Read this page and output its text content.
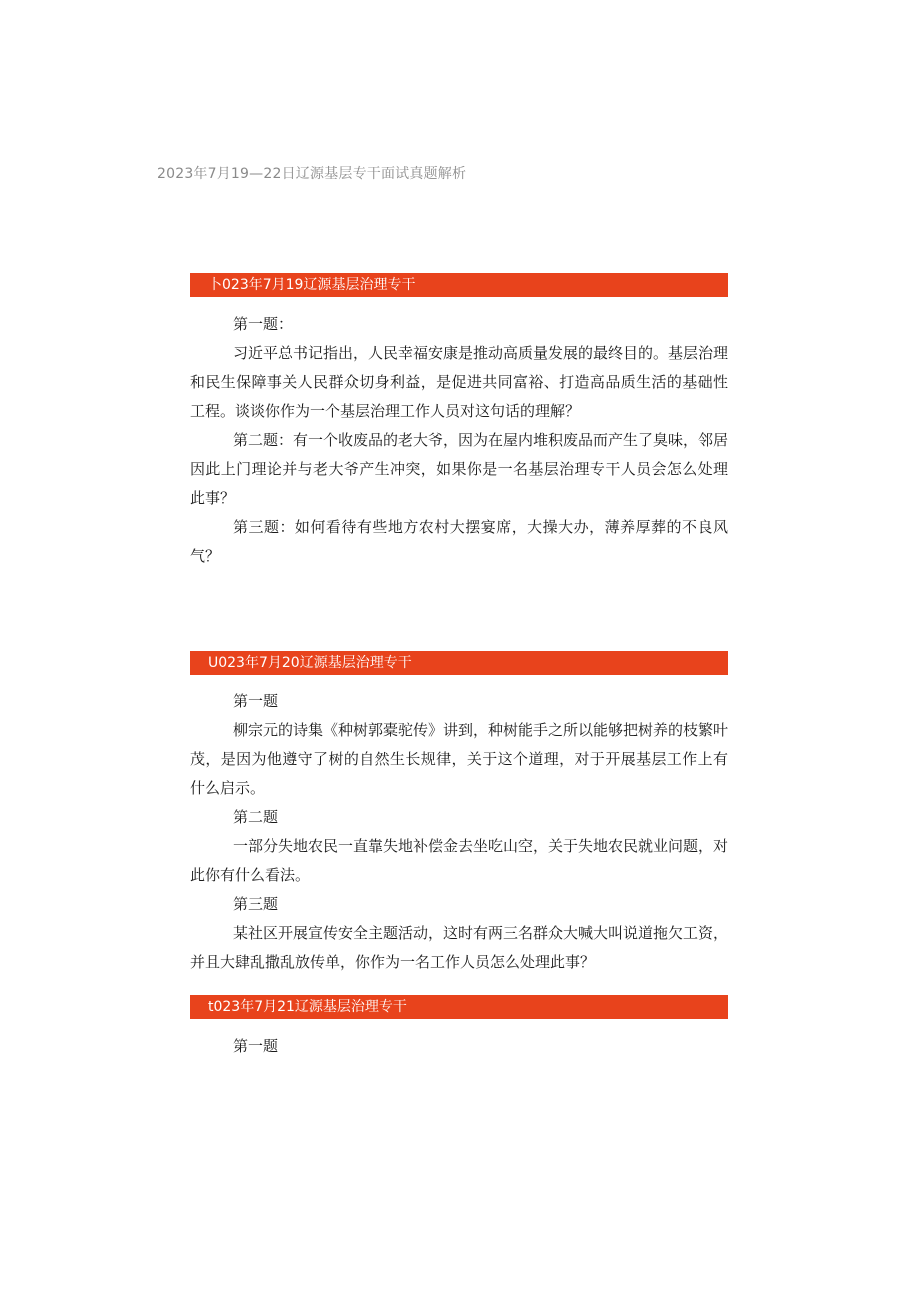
2023年7月19—22日辽源基层专干面试真题解析
卜023年7月19辽源基层治理专干

第一题：

习近平总书记指出，人民幸福安康是推动高质量发展的最终目的。基层治理和民生保障事关人民群众切身利益，是促进共同富裕、打造高品质生活的基础性工程。谈谈你作为一个基层治理工作人员对这句话的理解？

第二题：有一个收废品的老大爷，因为在屋内堆积废品而产生了臭味，邻居因此上门理论并与老大爷产生冲突，如果你是一名基层治理专干人员会怎么处理此事？

第三题：如何看待有些地方农村大摆宴席，大操大办，薄养厚葬的不良风气？

U023年7月20辽源基层治理专干

第一题

柳宗元的诗集《种树郭橐驼传》讲到，种树能手之所以能够把树养的枝繁叶茂，是因为他遵守了树的自然生长规律，关于这个道理，对于开展基层工作上有什么启示。

第二题

一部分失地农民一直靠失地补偿金去坐吃山空，关于失地农民就业问题，对此你有什么看法。

第三题

某社区开展宣传安全主题活动，这时有两三名群众大喊大叫说道拖欠工资，并且大肆乱撒乱放传单，你作为一名工作人员怎么处理此事？

t023年7月21辽源基层治理专干

第一题
